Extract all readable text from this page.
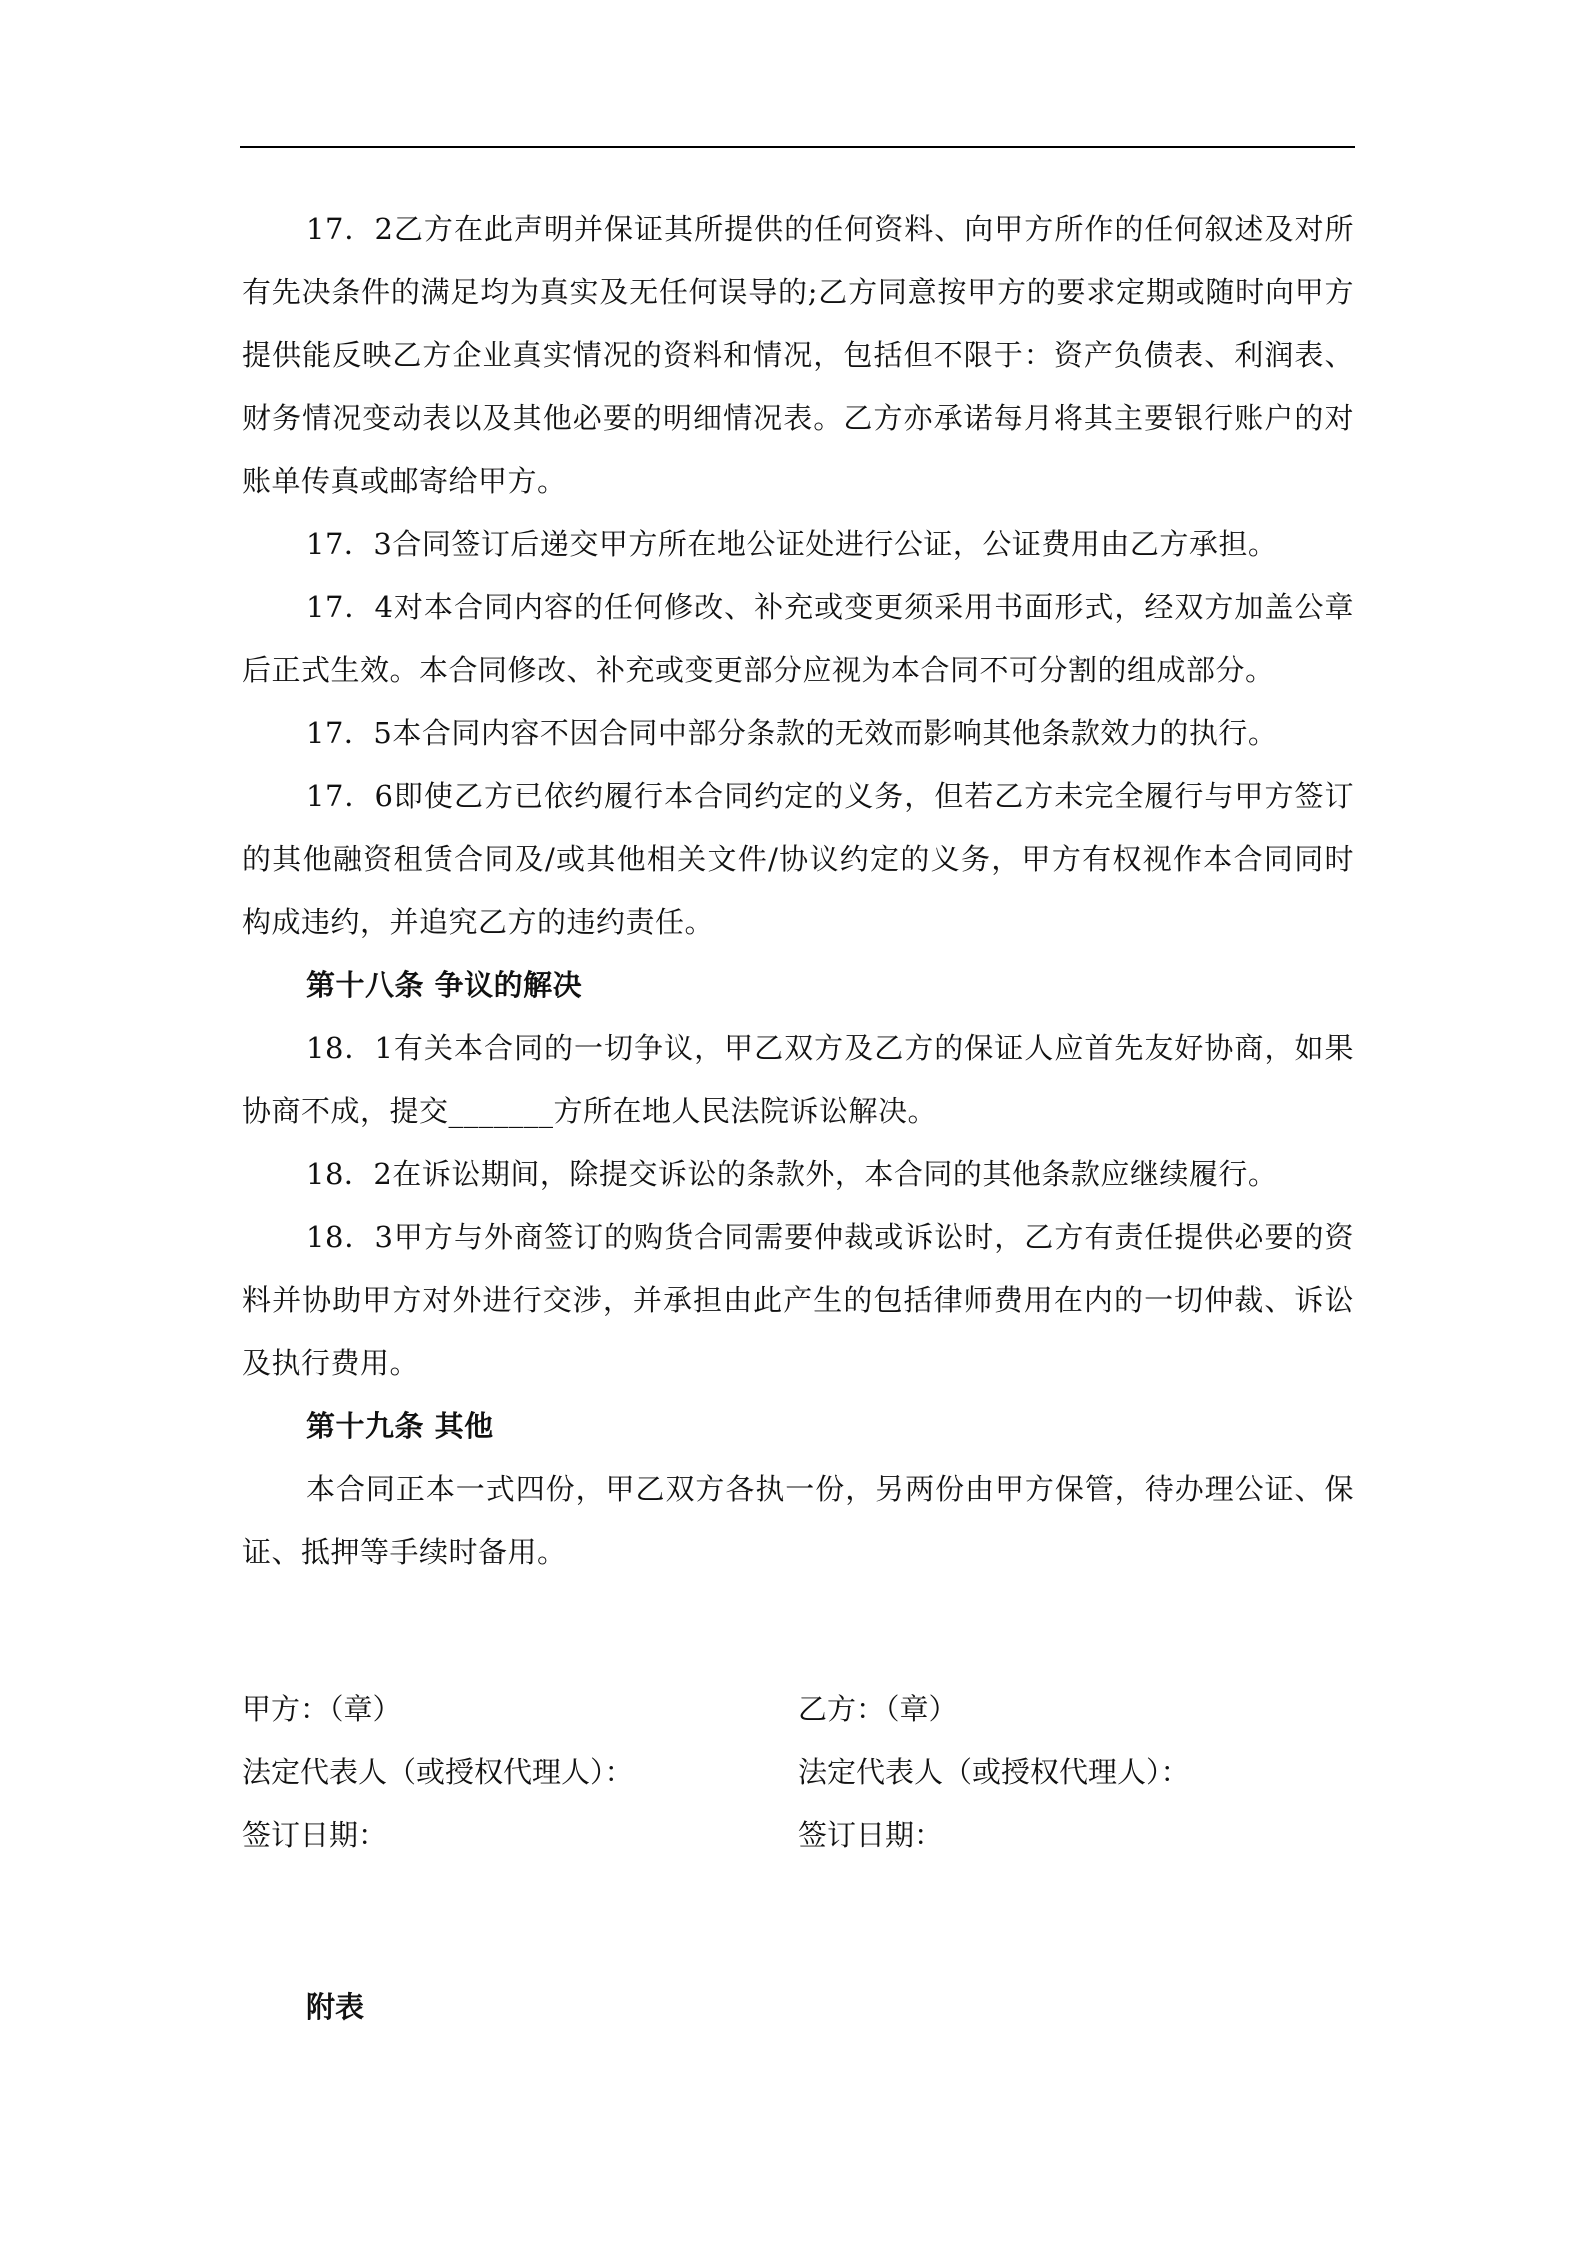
17．2乙方在此声明并保证其所提供的任何资料、向甲方所作的任何叙述及对所有先决条件的满足均为真实及无任何误导的;乙方同意按甲方的要求定期或随时向甲方提供能反映乙方企业真实情况的资料和情况，包括但不限于：资产负债表、利润表、财务情况变动表以及其他必要的明细情况表。乙方亦承诺每月将其主要银行账户的对账单传真或邮寄给甲方。

17．3合同签订后递交甲方所在地公证处进行公证，公证费用由乙方承担。

17．4对本合同内容的任何修改、补充或变更须采用书面形式，经双方加盖公章后正式生效。本合同修改、补充或变更部分应视为本合同不可分割的组成部分。

17．5本合同内容不因合同中部分条款的无效而影响其他条款效力的执行。

17．6即使乙方已依约履行本合同约定的义务，但若乙方未完全履行与甲方签订的其他融资租赁合同及/或其他相关文件/协议约定的义务，甲方有权视作本合同同时构成违约，并追究乙方的违约责任。

第十八条 争议的解决

18．1有关本合同的一切争议，甲乙双方及乙方的保证人应首先友好协商，如果协商不成，提交_______方所在地人民法院诉讼解决。

18．2在诉讼期间，除提交诉讼的条款外，本合同的其他条款应继续履行。

18．3甲方与外商签订的购货合同需要仲裁或诉讼时，乙方有责任提供必要的资料并协助甲方对外进行交涉，并承担由此产生的包括律师费用在内的一切仲裁、诉讼及执行费用。

第十九条 其他

本合同正本一式四份，甲乙双方各执一份，另两份由甲方保管，待办理公证、保证、抵押等手续时备用。

甲方：（章）	乙方：（章）
法定代表人（或授权代理人）：	法定代表人（或授权代理人）：
签订日期：	签订日期：
附表
